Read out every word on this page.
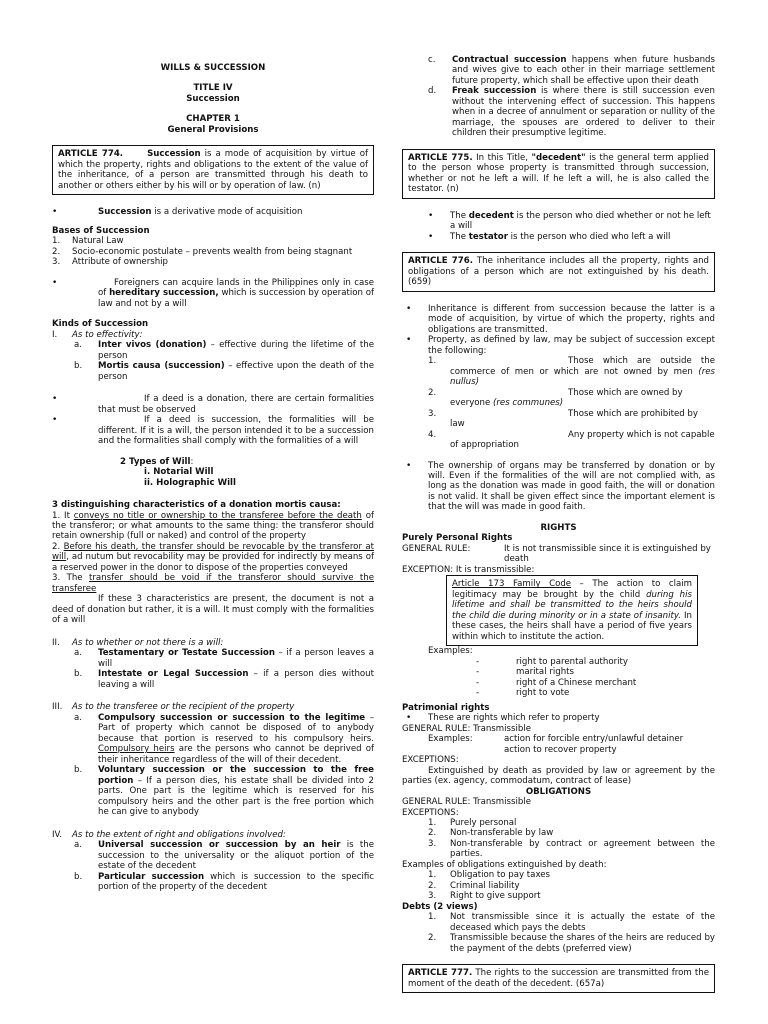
WILLS & SUCCESSION

TITLE IV

Succession

CHAPTER 1

General Provisions

ARTICLE 774.	Succession is a mode of acquisition by virtue of which the property, rights and obligations to the extent of the value of the inheritance, of a person are transmitted through his death to another or others either by his will or by operation of law. (n)
•	Succession is a derivative mode of acquisition

Bases of Succession

1. Natural Law
2. Socio-economic postulate – prevents wealth from being stagnant
3. Attribute of ownership
•	Foreigners can acquire lands in the Philippines only in case of hereditary succession, which is succession by operation of law and not by a will

Kinds of Succession

I. As to effectivity:
a. Inter vivos (donation) – effective during the lifetime of the person
b. Mortis causa (succession) – effective upon the death of the person
•	If a deed is a donation, there are certain formalities that must be observed
•	If a deed is succession, the formalities will be different. If it is a will, the person intended it to be a succession and the formalities shall comply with the formalities of a will

2 Types of Will:

i. Notarial Will

ii. Holographic Will

3 distinguishing characteristics of a donation mortis causa:

1. It conveys no title or ownership to the transferee before the death of the transferor; or what amounts to the same thing: the transferor should retain ownership (full or naked) and control of the property

2. Before his death, the transfer should be revocable by the transferor at will, ad nutum but revocability may be provided for indirectly by means of a reserved power in the donor to dispose of the properties conveyed

3. The transfer should be void if the transferor should survive the transferee

If these 3 characteristics are present, the document is not a deed of donation but rather, it is a will. It must comply with the formalities of a will

II. As to whether or not there is a will:
a. Testamentary or Testate Succession – if a person leaves a will
b. Intestate or Legal Succession – if a person dies without leaving a will
III. As to the transferee or the recipient of the property
a. Compulsory succession or succession to the legitime – Part of property which cannot be disposed of to anybody because that portion is reserved to his compulsory heirs. Compulsory heirs are the persons who cannot be deprived of their inheritance regardless of the will of their decedent.
b. Voluntary succession or the succession to the free portion – If a person dies, his estate shall be divided into 2 parts. One part is the legitime which is reserved for his compulsory heirs and the other part is the free portion which he can give to anybody
IV. As to the extent of right and obligations involved:
a. Universal succession or succession by an heir is the succession to the universality or the aliquot portion of the estate of the decedent
b. Particular succession which is succession to the specific portion of the property of the decedent
c. Contractual succession happens when future husbands and wives give to each other in their marriage settlement future property, which shall be effective upon their death
d. Freak succession is where there is still succession even without the intervening effect of succession. This happens when in a decree of annulment or separation or nullity of the marriage, the spouses are ordered to deliver to their children their presumptive legitime.
ARTICLE 775. In this Title, "decedent" is the general term applied to the person whose property is transmitted through succession, whether or not he left a will. If he left a will, he is also called the testator. (n)
• The decedent is the person who died whether or not he left a will
• The testator is the person who died who left a will
ARTICLE 776. The inheritance includes all the property, rights and obligations of a person which are not extinguished by his death. (659)
• Inheritance is different from succession because the latter is a mode of acquisition, by virtue of which the property, rights and obligations are transmitted.
• Property, as defined by law, may be subject of succession except the following:
1.	Those which are outside the commerce of men or which are not owned by men (res nullus)
2.	Those which are owned by everyone (res communes)
3.	Those which are prohibited by law
4.	Any property which is not capable of appropriation
• The ownership of organs may be transferred by donation or by will. Even if the formalities of the will are not complied with, as long as the donation was made in good faith, the will or donation is not valid. It shall be given effect since the important element is that the will was made in good faith.

RIGHTS

Purely Personal Rights

GENERAL RULE:	It is not transmissible since it is extinguished by death

EXCEPTION: It is transmissible:

Article 173 Family Code – The action to claim legitimacy may be brought by the child during his lifetime and shall be transmitted to the heirs should the child die during minority or in a state of insanity. In these cases, the heirs shall have a period of five years within which to institute the action.

Examples:

-	right to parental authority
-	marital rights
-	right of a Chinese merchant
-	right to vote

Patrimonial rights

• These are rights which refer to property

GENERAL RULE: Transmissible

Examples:	action for forcible entry/unlawful detainer

action to recover property

EXCEPTIONS:

Extinguished by death as provided by law or agreement by the parties (ex. agency, commodatum, contract of lease)

OBLIGATIONS

GENERAL RULE: Transmissible

EXCEPTIONS:

1. Purely personal
2. Non-transferable by law
3. Non-transferable by contract or agreement between the parties.

Examples of obligations extinguished by death:

1. Obligation to pay taxes
2. Criminal liability
3. Right to give support

Debts (2 views)

1. Not transmissible since it is actually the estate of the deceased which pays the debts
2. Transmissible because the shares of the heirs are reduced by the payment of the debts (preferred view)
ARTICLE 777. The rights to the succession are transmitted from the moment of the death of the decedent. (657a)
